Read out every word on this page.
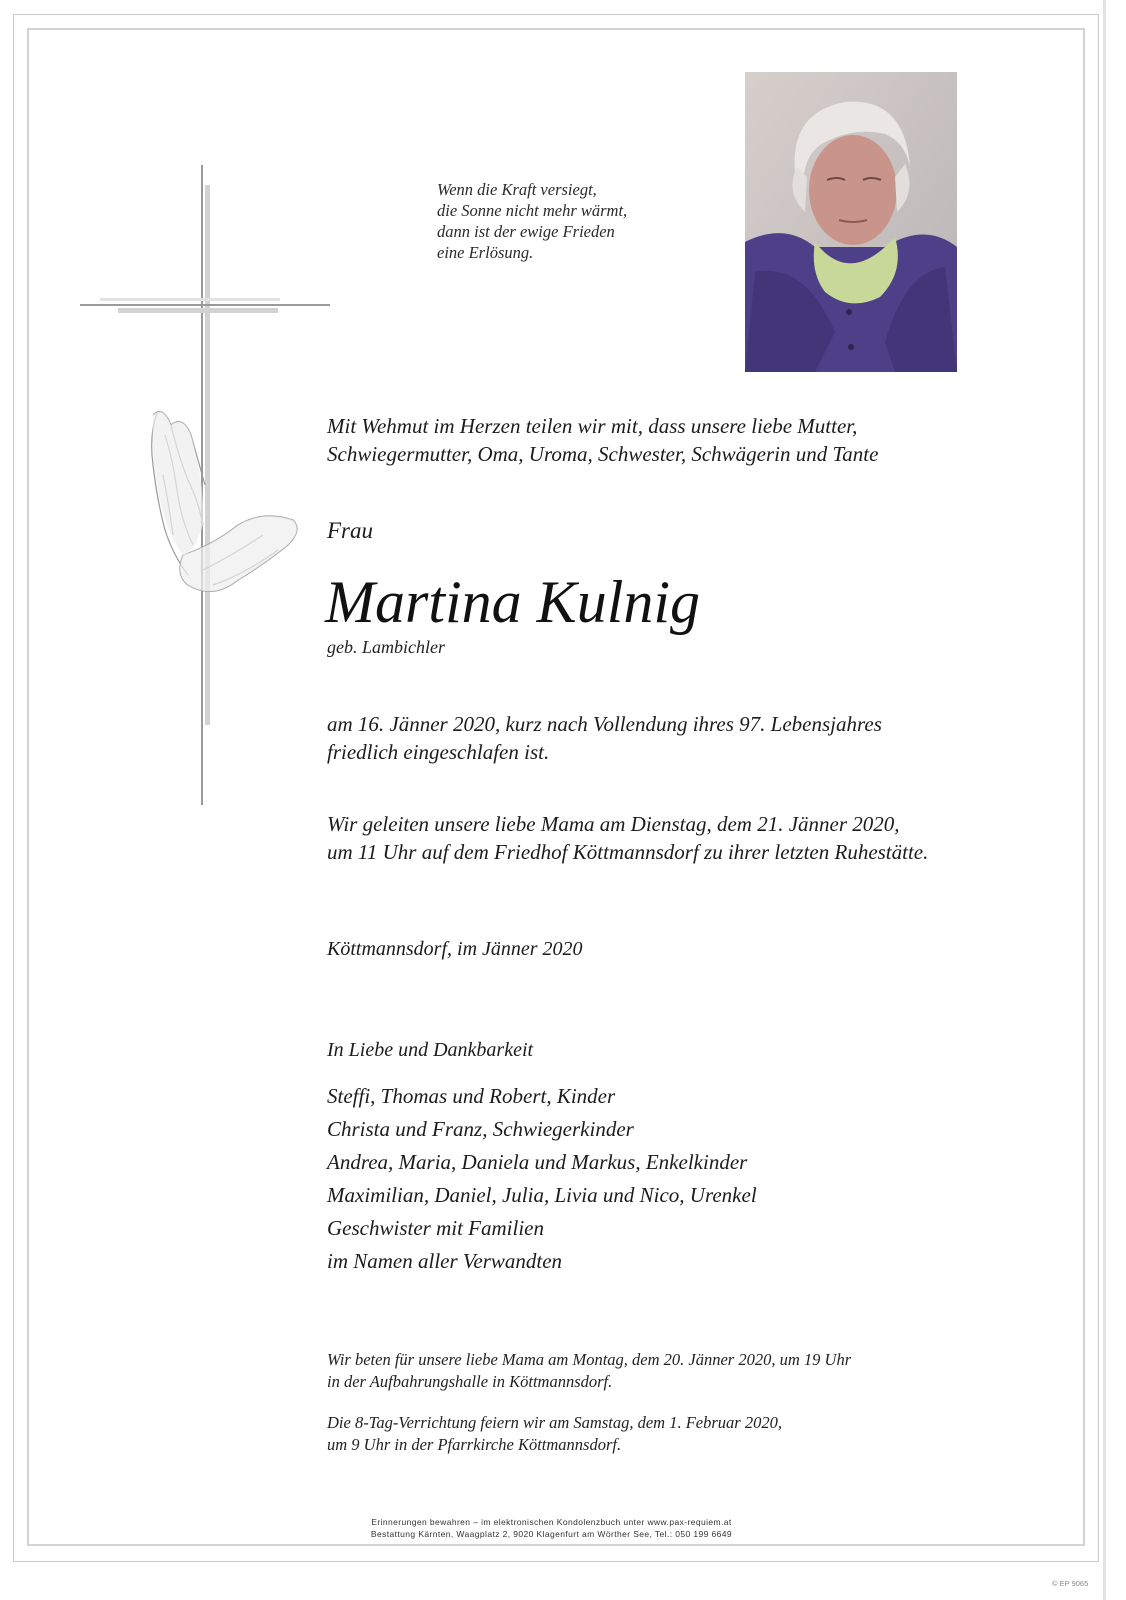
Wenn die Kraft versiegt,
die Sonne nicht mehr wärmt,
dann ist der ewige Frieden
eine Erlösung.
Mit Wehmut im Herzen teilen wir mit, dass unsere liebe Mutter,
Schwiegermutter, Oma, Uroma, Schwester, Schwägerin und Tante
Frau
Martina Kulnig
geb. Lambichler
am 16. Jänner 2020, kurz nach Vollendung ihres 97. Lebensjahres
friedlich eingeschlafen ist.
Wir geleiten unsere liebe Mama am Dienstag, dem 21. Jänner 2020,
um 11 Uhr auf dem Friedhof Köttmannsdorf zu ihrer letzten Ruhestätte.
Köttmannsdorf, im Jänner 2020
In Liebe und Dankbarkeit
Steffi, Thomas und Robert, Kinder
Christa und Franz, Schwiegerkinder
Andrea, Maria, Daniela und Markus, Enkelkinder
Maximilian, Daniel, Julia, Livia und Nico, Urenkel
Geschwister mit Familien
im Namen aller Verwandten
Wir beten für unsere liebe Mama am Montag, dem 20. Jänner 2020, um 19 Uhr
in der Aufbahrungshalle in Köttmannsdorf.
Die 8-Tag-Verrichtung feiern wir am Samstag, dem 1. Februar 2020,
um 9 Uhr in der Pfarrkirche Köttmannsdorf.
Erinnerungen bewahren – im elektronischen Kondolenzbuch unter www.pax-requiem.at
Bestattung Kärnten, Waagplatz 2, 9020 Klagenfurt am Wörther See, Tel.: 050 199 6649
© EP 9065
